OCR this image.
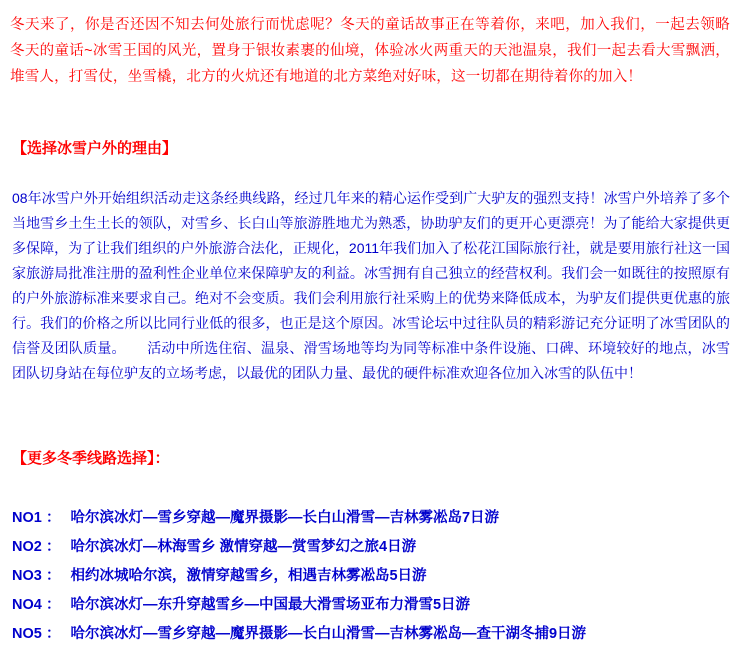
冬天来了，你是否还因不知去何处旅行而忧虑呢？冬天的童话故事正在等着你，来吧，加入我们，一起去领略冬天的童话~冰雪王国的风光，置身于银妆素裹的仙境，体验冰火两重天的天池温泉，我们一起去看大雪飘洒，堆雪人，打雪仗，坐雪橇，北方的火炕还有地道的北方菜绝对好味，这一切都在期待着你的加入！

【选择冰雪户外的理由】

08年冰雪户外开始组织活动走这条经典线路，经过几年来的精心运作受到广大驴友的强烈支持！冰雪户外培养了多个当地雪乡土生土长的领队，对雪乡、长白山等旅游胜地尤为熟悉，协助驴友们的更开心更漂亮！为了能给大家提供更多保障，为了让我们组织的户外旅游合法化，正规化，2011年我们加入了松花江国际旅行社，就是要用旅行社这一国家旅游局批准注册的盈利性企业单位来保障驴友的利益。冰雪拥有自己独立的经营权利。我们会一如既往的按照原有的户外旅游标准来要求自己。绝对不会变质。我们会利用旅行社采购上的优势来降低成本，为驴友们提供更优惠的旅行。我们的价格之所以比同行业低的很多，也正是这个原因。冰雪论坛中过往队员的精彩游记充分证明了冰雪团队的信誉及团队质量。　　活动中所选住宿、温泉、滑雪场地等均为同等标准中条件设施、口碑、环境较好的地点，冰雪团队切身站在每位驴友的立场考虑，以最优的团队力量、最优的硬件标准欢迎各位加入冰雪的队伍中！

【更多冬季线路选择】：
NO1 ： 哈尔滨冰灯—雪乡穿越—魔界摄影—长白山滑雪—吉林雾凇岛7日游
NO2 ： 哈尔滨冰灯—林海雪乡 激情穿越—赏雪梦幻之旅4日游
NO3 ： 相约冰城哈尔滨，激情穿越雪乡，相遇吉林雾凇岛5日游
NO4 ： 哈尔滨冰灯—东升穿越雪乡—中国最大滑雪场亚布力滑雪5日游
NO5 ： 哈尔滨冰灯—雪乡穿越—魔界摄影—长白山滑雪—吉林雾凇岛—查干湖冬捕9日游
